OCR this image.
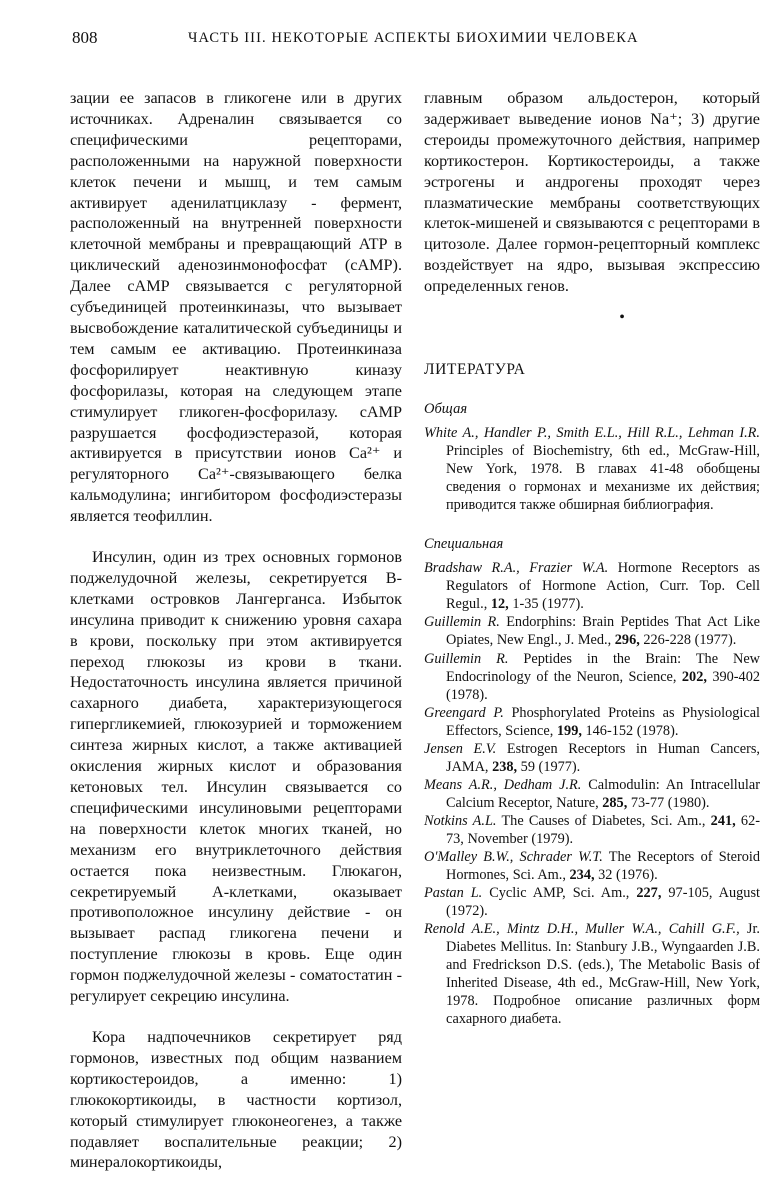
808	ЧАСТЬ III. НЕКОТОРЫЕ АСПЕКТЫ БИОХИМИИ ЧЕЛОВЕКА

зации ее запасов в гликогене или в других источниках. Адреналин связывается со специфическими рецепторами, расположенными на наружной поверхности клеток печени и мышц, и тем самым активирует аденилатциклазу - фермент, расположенный на внутренней поверхности клеточной мембраны и превращающий ATP в циклический аденозинмонофосфат (cAMP). Далее cAMP связывается с регуляторной субъединицей протеинкиназы, что вызывает высвобождение каталитической субъединицы и тем самым ее активацию. Протеинкиназа фосфорилирует неактивную киназу фосфорилазы, которая на следующем этапе стимулирует гликоген-фосфорилазу. cAMP разрушается фосфодиэстеразой, которая активируется в присутствии ионов Ca²⁺ и регуляторного Ca²⁺-связывающего белка кальмодулина; ингибитором фосфодиэстеразы является теофиллин.

Инсулин, один из трех основных гормонов поджелудочной железы, секретируется B-клетками островков Лангерганса. Избыток инсулина приводит к снижению уровня сахара в крови, поскольку при этом активируется переход глюкозы из крови в ткани. Недостаточность инсулина является причиной сахарного диабета, характеризующегося гипергликемией, глюкозурией и торможением синтеза жирных кислот, а также активацией окисления жирных кислот и образования кетоновых тел. Инсулин связывается со специфическими инсулиновыми рецепторами на поверхности клеток многих тканей, но механизм его внутриклеточного действия остается пока неизвестным. Глюкагон, секретируемый A-клетками, оказывает противоположное инсулину действие - он вызывает распад гликогена печени и поступление глюкозы в кровь. Еще один гормон поджелудочной железы - соматостатин - регулирует секрецию инсулина.

Кора надпочечников секретирует ряд гормонов, известных под общим названием кортикостероидов, а именно: 1) глюкокортикоиды, в частности кортизол, который стимулирует глюконеогенез, а также подавляет воспалительные реакции; 2) минералокортикоиды,

главным образом альдостерон, который задерживает выведение ионов Na⁺; 3) другие стероиды промежуточного действия, например кортикостерон. Кортикостероиды, а также эстрогены и андрогены проходят через плазматические мембраны соответствующих клеток-мишеней и связываются с рецепторами в цитозоле. Далее гормон-рецепторный комплекс воздействует на ядро, вызывая экспрессию определенных генов.

•

ЛИТЕРАТУРА

Общая

White A., Handler P., Smith E.L., Hill R.L., Lehman I.R. Principles of Biochemistry, 6th ed., McGraw-Hill, New York, 1978. В главах 41-48 обобщены сведения о гормонах и механизме их действия; приводится также обширная библиография.

Специальная

Bradshaw R.A., Frazier W.A. Hormone Receptors as Regulators of Hormone Action, Curr. Top. Cell Regul., 12, 1-35 (1977).

Guillemin R. Endorphins: Brain Peptides That Act Like Opiates, New Engl., J. Med., 296, 226-228 (1977).

Guillemin R. Peptides in the Brain: The New Endocrinology of the Neuron, Science, 202, 390-402 (1978).

Greengard P. Phosphorylated Proteins as Physiological Effectors, Science, 199, 146-152 (1978).

Jensen E.V. Estrogen Receptors in Human Cancers, JAMA, 238, 59 (1977).

Means A.R., Dedham J.R. Calmodulin: An Intracellular Calcium Receptor, Nature, 285, 73-77 (1980).

Notkins A.L. The Causes of Diabetes, Sci. Am., 241, 62-73, November (1979).

O'Malley B.W., Schrader W.T. The Receptors of Steroid Hormones, Sci. Am., 234, 32 (1976).

Pastan L. Cyclic AMP, Sci. Am., 227, 97-105, August (1972).

Renold A.E., Mintz D.H., Muller W.A., Cahill G.F., Jr. Diabetes Mellitus. In: Stanbury J.B., Wyngaarden J.B. and Fredrickson D.S. (eds.), The Metabolic Basis of Inherited Disease, 4th ed., McGraw-Hill, New York, 1978. Подробное описание различных форм сахарного диабета.
